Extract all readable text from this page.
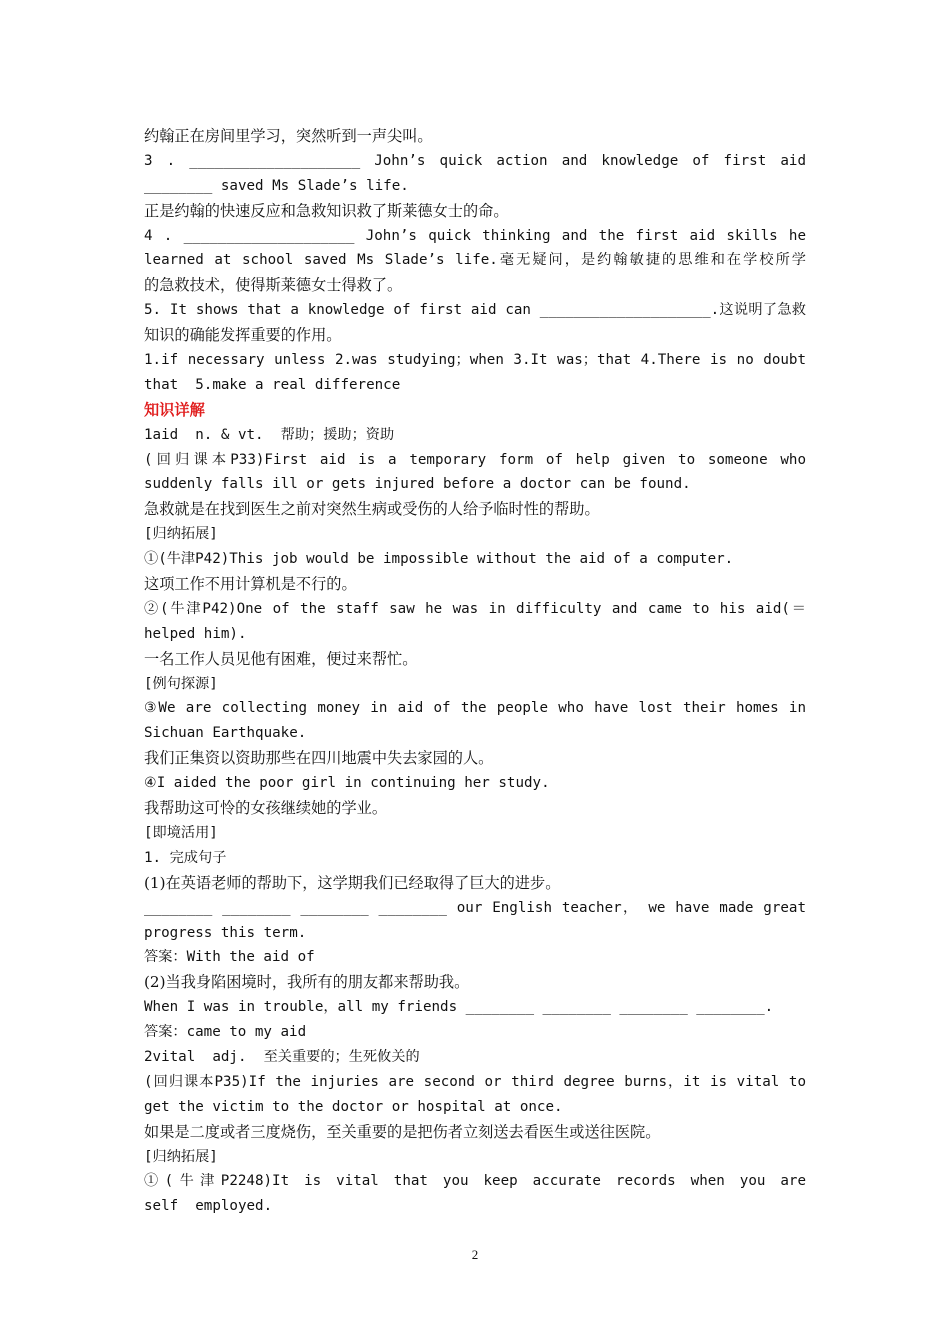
约翰正在房间里学习，突然听到一声尖叫。
3 . ____________________ John’s quick action and knowledge of first aid
________ saved Ms Slade’s life.
正是约翰的快速反应和急救知识救了斯莱德女士的命。
4 . ____________________ John’s quick thinking and the first aid skills he
learned at school saved Ms Slade’s life.毫无疑问，是约翰敏捷的思维和在学校所学
的急救技术，使得斯莱德女士得救了。
5. It shows that a knowledge of first aid can ____________________.这说明了急救
知识的确能发挥重要的作用。
1.if necessary unless 2.was studying；when 3.It was；that 4.There is no doubt
that  5.make a real difference
知识详解
1aid  n. & vt.  帮助；援助；资助
(回归课本P33)First aid is a temporary form of help given to someone who
suddenly falls ill or gets injured before a doctor can be found.
急救就是在找到医生之前对突然生病或受伤的人给予临时性的帮助。
[归纳拓展]
①(牛津P42)This job would be impossible without the aid of a computer.
这项工作不用计算机是不行的。
②(牛津P42)One of the staff saw he was in difficulty and came to his aid(＝
helped him).
一名工作人员见他有困难，便过来帮忙。
[例句探源]
③We are collecting money in aid of the people who have lost their homes in
Sichuan Earthquake.
我们正集资以资助那些在四川地震中失去家园的人。
④I aided the poor girl in continuing her study.
我帮助这可怜的女孩继续她的学业。
[即境活用]
1. 完成句子
(1)在英语老师的帮助下，这学期我们已经取得了巨大的进步。
________ ________ ________ ________ our English teacher， we have made great
progress this term.
答案：With the aid of
(2)当我身陷困境时，我所有的朋友都来帮助我。
When I was in trouble，all my friends ________ ________ ________ ________.
答案：came to my aid
2vital  adj.  至关重要的；生死攸关的
(回归课本P35)If the injuries are second or third degree burns，it is vital to
get the victim to the doctor or hospital at once.
如果是二度或者三度烧伤，至关重要的是把伤者立刻送去看医生或送往医院。
[归纳拓展]
①(牛津P2248)It is vital that you keep accurate records when you are
self  employed.
2
